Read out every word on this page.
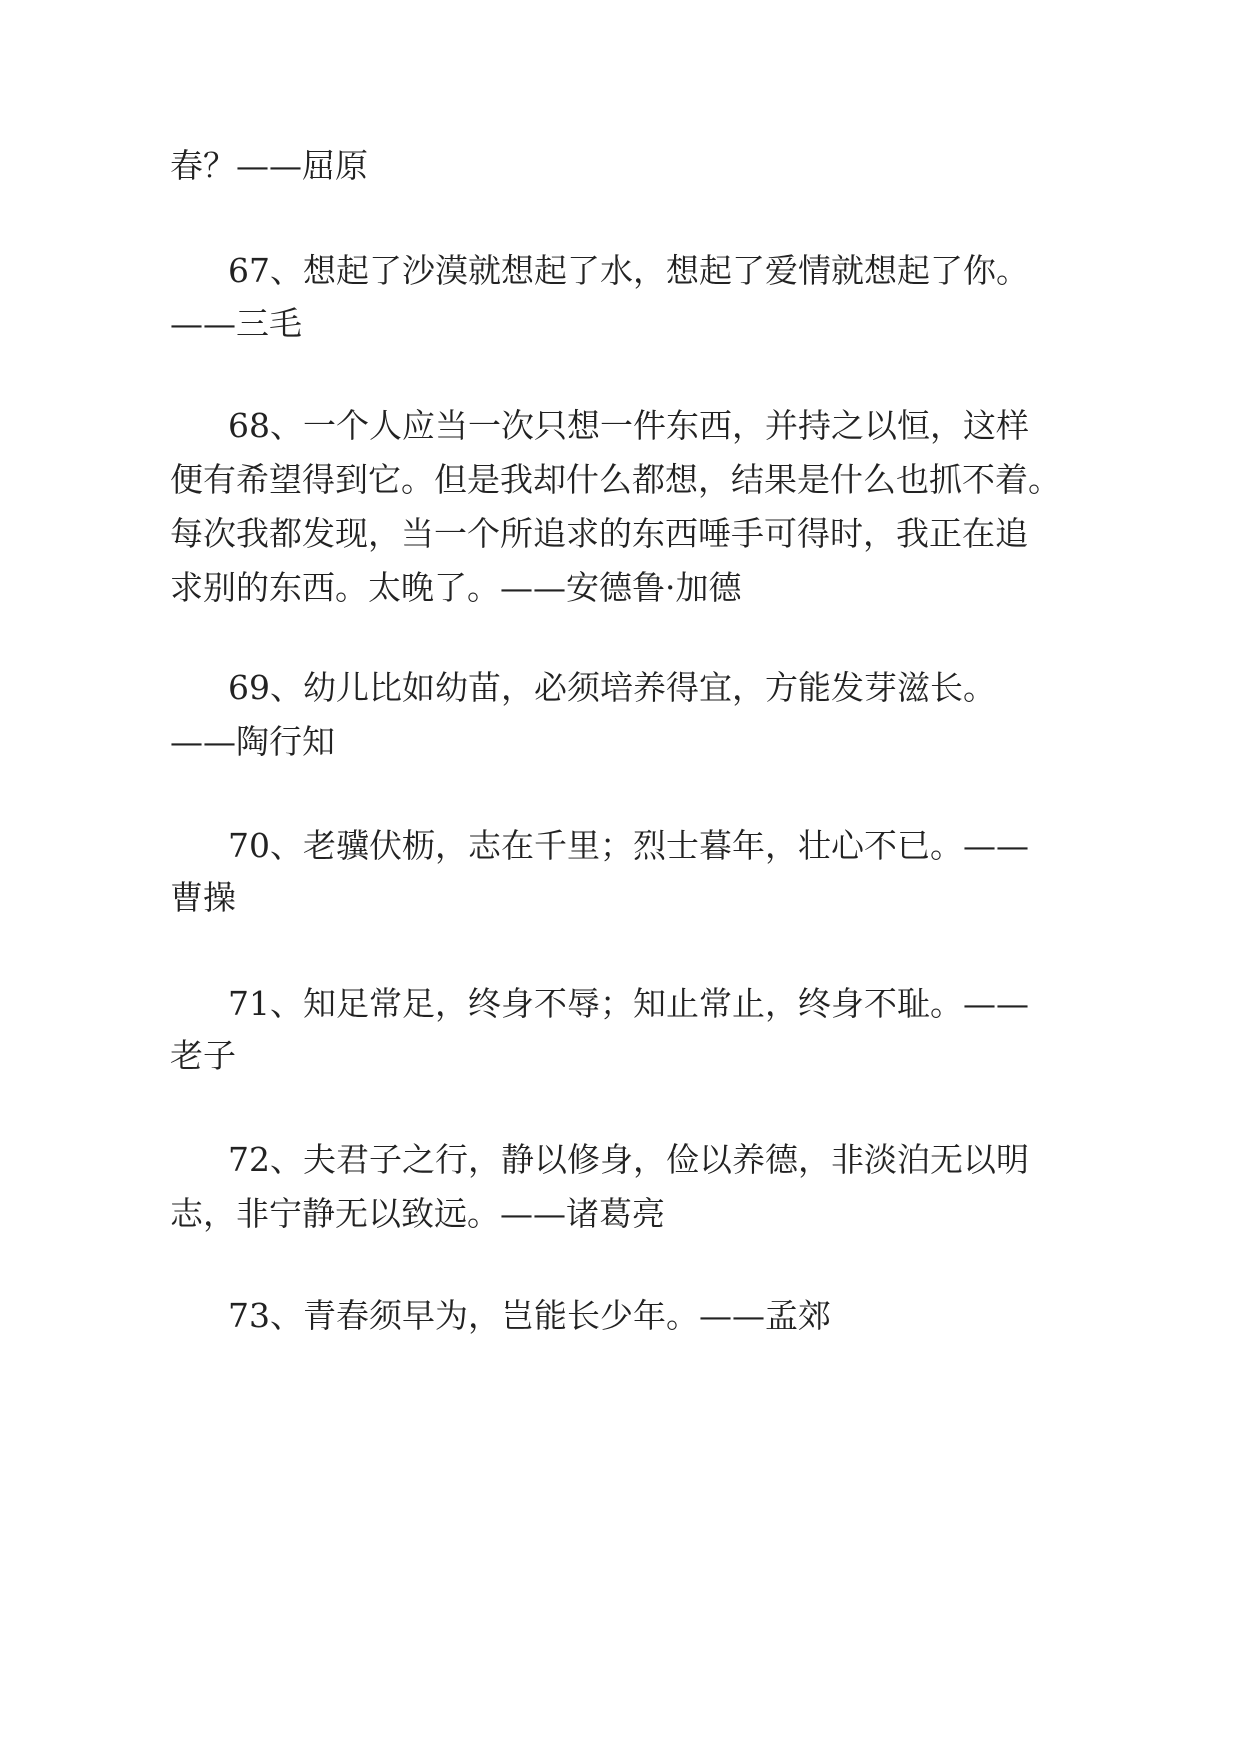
春？——屈原
67、想起了沙漠就想起了水，想起了爱情就想起了你。
——三毛
68、一个人应当一次只想一件东西，并持之以恒，这样
便有希望得到它。但是我却什么都想，结果是什么也抓不着。
每次我都发现，当一个所追求的东西唾手可得时，我正在追
求别的东西。太晚了。——安德鲁·加德
69、幼儿比如幼苗，必须培养得宜，方能发芽滋长。
——陶行知
70、老骥伏枥，志在千里；烈士暮年，壮心不已。——
曹操
71、知足常足，终身不辱；知止常止，终身不耻。——
老子
72、夫君子之行，静以修身，俭以养德，非淡泊无以明
志，非宁静无以致远。——诸葛亮
73、青春须早为，岂能长少年。——孟郊
